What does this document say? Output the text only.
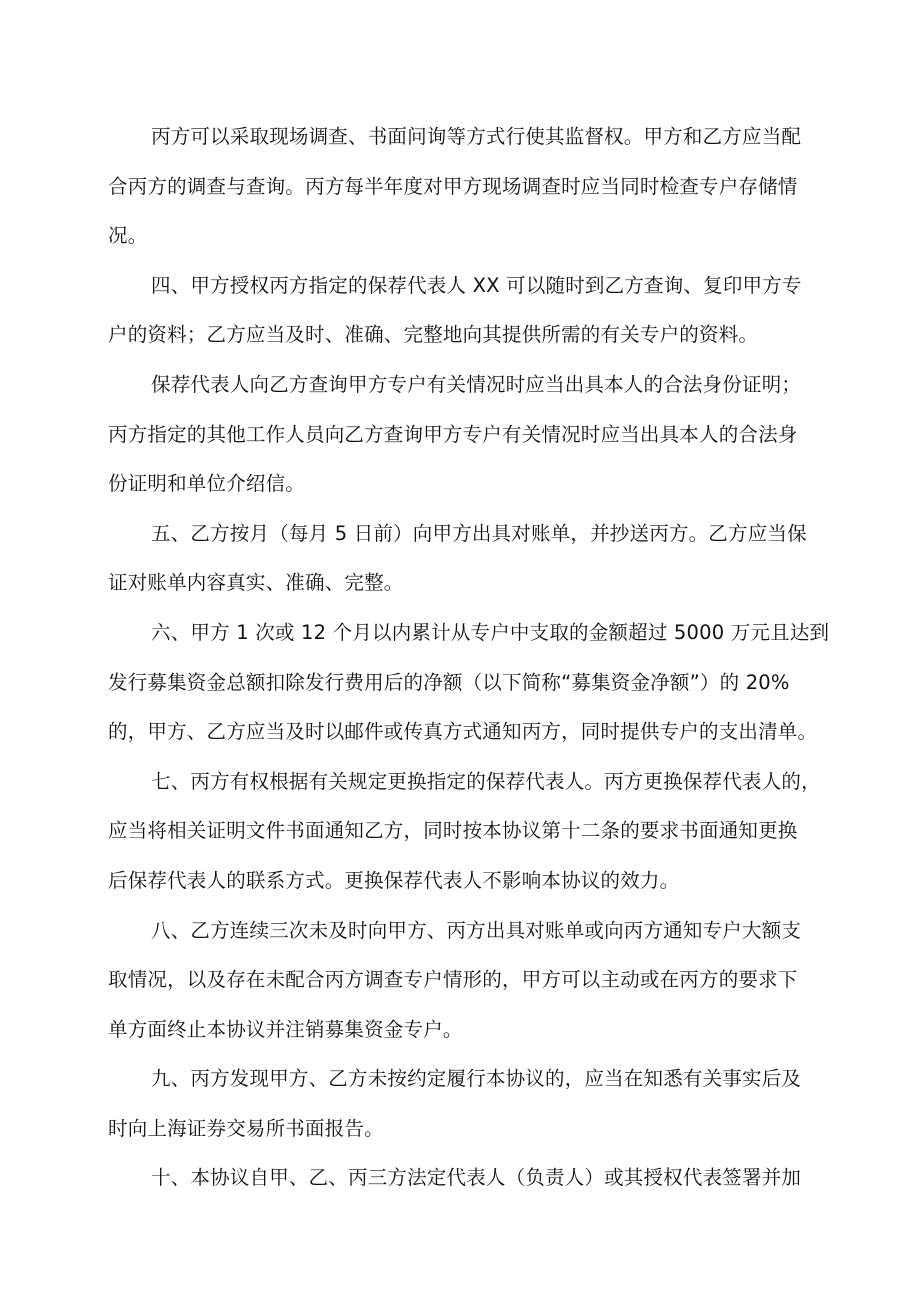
丙方可以采取现场调查、书面问询等方式行使其监督权。甲方和乙方应当配
合丙方的调查与查询。丙方每半年度对甲方现场调查时应当同时检查专户存储情
况。
四、甲方授权丙方指定的保荐代表人 XX 可以随时到乙方查询、复印甲方专
户的资料；乙方应当及时、准确、完整地向其提供所需的有关专户的资料。
保荐代表人向乙方查询甲方专户有关情况时应当出具本人的合法身份证明；
丙方指定的其他工作人员向乙方查询甲方专户有关情况时应当出具本人的合法身
份证明和单位介绍信。
五、乙方按月（每月 5 日前）向甲方出具对账单，并抄送丙方。乙方应当保
证对账单内容真实、准确、完整。
六、甲方 1 次或 12 个月以内累计从专户中支取的金额超过 5000 万元且达到
发行募集资金总额扣除发行费用后的净额（以下简称“募集资金净额”）的 20%
的，甲方、乙方应当及时以邮件或传真方式通知丙方，同时提供专户的支出清单。
七、丙方有权根据有关规定更换指定的保荐代表人。丙方更换保荐代表人的，
应当将相关证明文件书面通知乙方，同时按本协议第十二条的要求书面通知更换
后保荐代表人的联系方式。更换保荐代表人不影响本协议的效力。
八、乙方连续三次未及时向甲方、丙方出具对账单或向丙方通知专户大额支
取情况，以及存在未配合丙方调查专户情形的，甲方可以主动或在丙方的要求下
单方面终止本协议并注销募集资金专户。
九、丙方发现甲方、乙方未按约定履行本协议的，应当在知悉有关事实后及
时向上海证券交易所书面报告。
十、本协议自甲、乙、丙三方法定代表人（负责人）或其授权代表签署并加
